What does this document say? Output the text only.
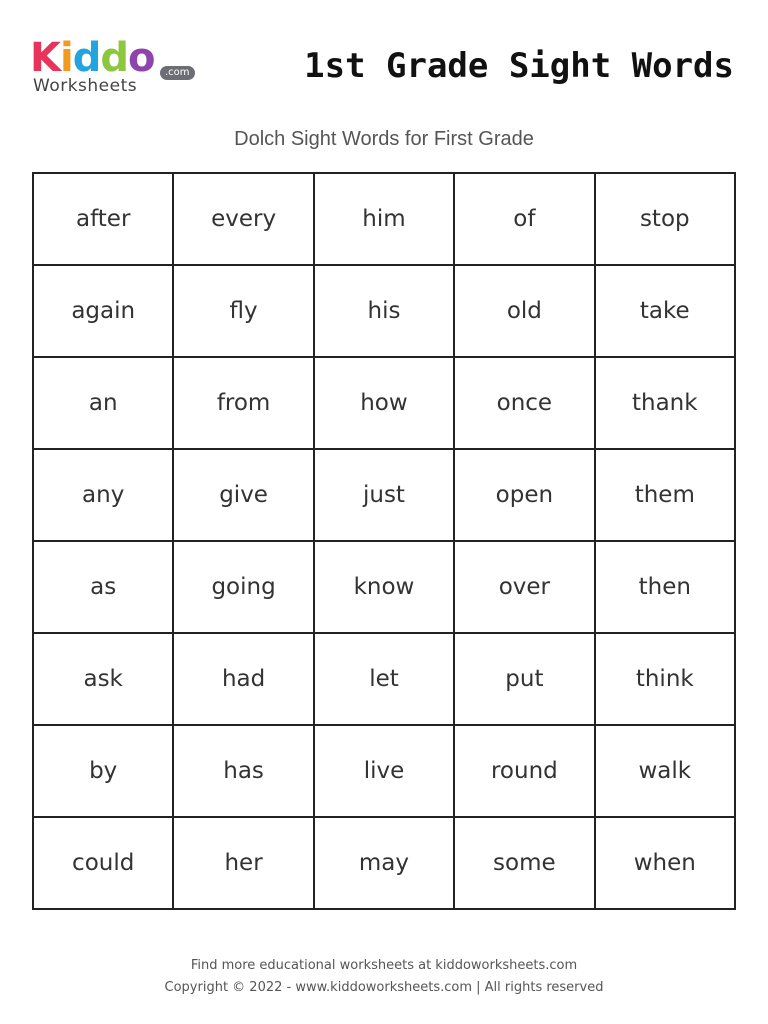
Kiddo
Worksheets
.com	1st Grade Sight Words
Dolch Sight Words for First Grade
after	every	him	of	stop
again	fly	his	old	take
an	from	how	once	thank
any	give	just	open	them
as	going	know	over	then
ask	had	let	put	think
by	has	live	round	walk
could	her	may	some	when
Find more educational worksheets at kiddoworksheets.com
Copyright © 2022 - www.kiddoworksheets.com | All rights reserved
